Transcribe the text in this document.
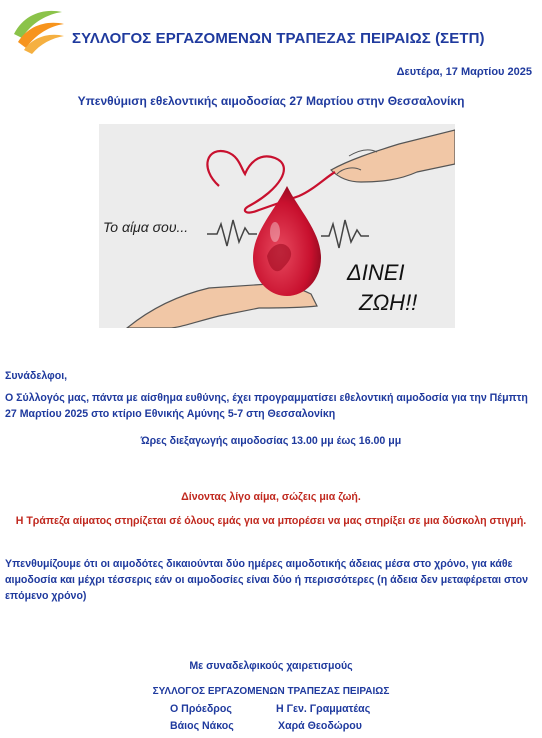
ΣΥΛΛΟΓΟΣ ΕΡΓΑΖΟΜΕΝΩΝ ΤΡΑΠΕΖΑΣ ΠΕΙΡΑΙΩΣ (ΣΕΤΠ)
Δευτέρα, 17 Μαρτίου 2025
Υπενθύμιση εθελοντικής αιμοδοσίας 27 Μαρτίου στην Θεσσαλονίκη
Το αίμα σου...
ΔΙΝΕΙ
ΖΩΗ!!
Συνάδελφοι,
Ο Σύλλογός μας, πάντα με αίσθημα ευθύνης, έχει προγραμματίσει εθελοντική αιμοδοσία για την Πέμπτη 27 Μαρτίου 2025 στο κτίριο Εθνικής Αμύνης 5-7 στη Θεσσαλονίκη
Ώρες διεξαγωγής αιμοδοσίας 13.00 μμ έως 16.00 μμ
Δίνοντας λίγο αίμα, σώζεις μια ζωή.
Η Τράπεζα αίματος στηρίζεται σέ όλους εμάς για να μπορέσει να μας στηρίξει σε μια δύσκολη στιγμή.
Υπενθυμίζουμε ότι οι αιμοδότες δικαιούνται δύο ημέρες αιμοδοτικής άδειας μέσα στο χρόνο, για κάθε αιμοδοσία και μέχρι τέσσερις εάν οι αιμοδοσίες είναι δύο ή περισσότερες (η άδεια δεν μεταφέρεται στον επόμενο χρόνο)
Με συναδελφικούς χαιρετισμούς
ΣΥΛΛΟΓΟΣ ΕΡΓΑΖΟΜΕΝΩΝ ΤΡΑΠΕΖΑΣ ΠΕΙΡΑΙΩΣ
Ο Πρόεδρος	Η Γεν. Γραμματέας
Βάιος Νάκος	Χαρά Θεοδώρου
